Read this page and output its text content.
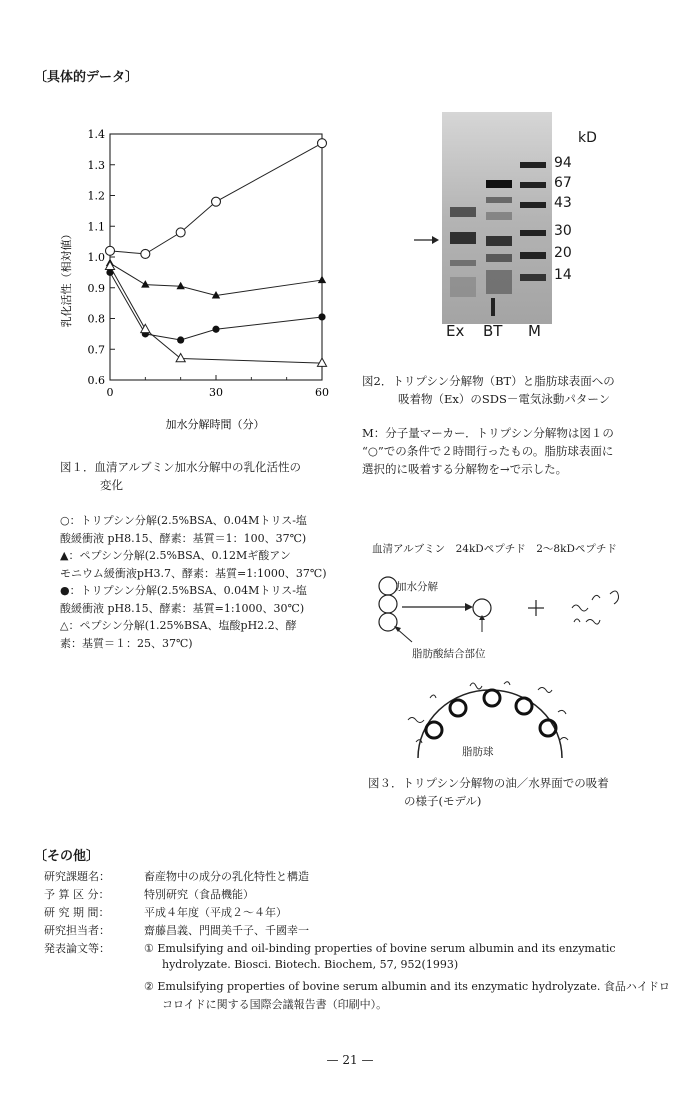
〔具体的データ〕
0.6
0.7
0.8
0.9
1.0
1.1
1.2
1.3
1.4
0	30	60
加水分解時間（分）
乳化活性（相対値）
図１．血清アルブミン加水分解中の乳化活性の
変化
○：トリプシン分解(2.5%BSA、0.04Mトリス‐塩
酸緩衝液 pH8.15、酵素：基質＝1：100、37℃)
▲：ペプシン分解(2.5%BSA、0.12Mギ酸アン
モニウム緩衝液pH3.7、酵素：基質=1:1000、37℃)
●：トリプシン分解(2.5%BSA、0.04Mトリス‐塩
酸緩衝液 pH8.15、酵素：基質=1:1000、30℃)
△：ペプシン分解(1.25%BSA、塩酸pH2.2、酵
素：基質＝１：25、37℃)
kD
94
67
43
30
20
14
Ex BT M
図2．トリプシン分解物（BT）と脂肪球表面への
吸着物（Ex）のSDS－電気泳動パターン
M：分子量マーカー．トリプシン分解物は図１の
“○”での条件で２時間行ったもの。脂肪球表面に
選択的に吸着する分解物を→で示した。
血清アルブミン　24kDペプチド　2～8kDペプチド
加水分解
脂肪酸結合部位
脂肪球
図３．トリプシン分解物の油／水界面での吸着
の様子(モデル)
〔その他〕
研究課題名：	畜産物中の成分の乳化特性と構造
予 算 区 分：	特別研究（食品機能）
研 究 期 間：	平成４年度（平成２～４年）
研究担当者：	齋藤昌義、門間美千子、千國幸一
発表論文等：	① Emulsifying and oil-binding properties of bovine serum albumin and its enzymatic
hydrolyzate. Biosci. Biotech. Biochem, 57, 952(1993)
② Emulsifying properties of bovine serum albumin and its enzymatic hydrolyzate. 食品ハイドロ
コロイドに関する国際会議報告書（印刷中）。
— 21 —
